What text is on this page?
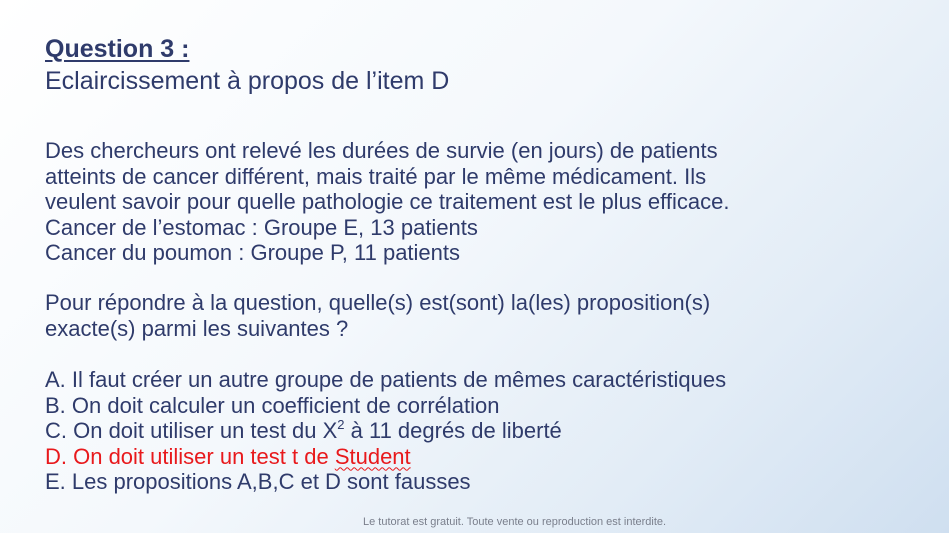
Question 3 :
Eclaircissement à propos de l’item D
Des chercheurs ont relevé les durées de survie (en jours) de patients
atteints de cancer différent, mais traité par le même médicament. Ils
veulent savoir pour quelle pathologie ce traitement est le plus efficace.
Cancer de l’estomac : Groupe E, 13 patients
Cancer du poumon : Groupe P, 11 patients
Pour répondre à la question, quelle(s) est(sont) la(les) proposition(s)
exacte(s) parmi les suivantes ?
A. Il faut créer un autre groupe de patients de mêmes caractéristiques
B. On doit calculer un coefficient de corrélation
C. On doit utiliser un test du $X^2$ à 11 degrés de liberté
D. On doit utiliser un test t de Student
E. Les propositions A,B,C et D sont fausses
Le tutorat est gratuit. Toute vente ou reproduction est interdite.
